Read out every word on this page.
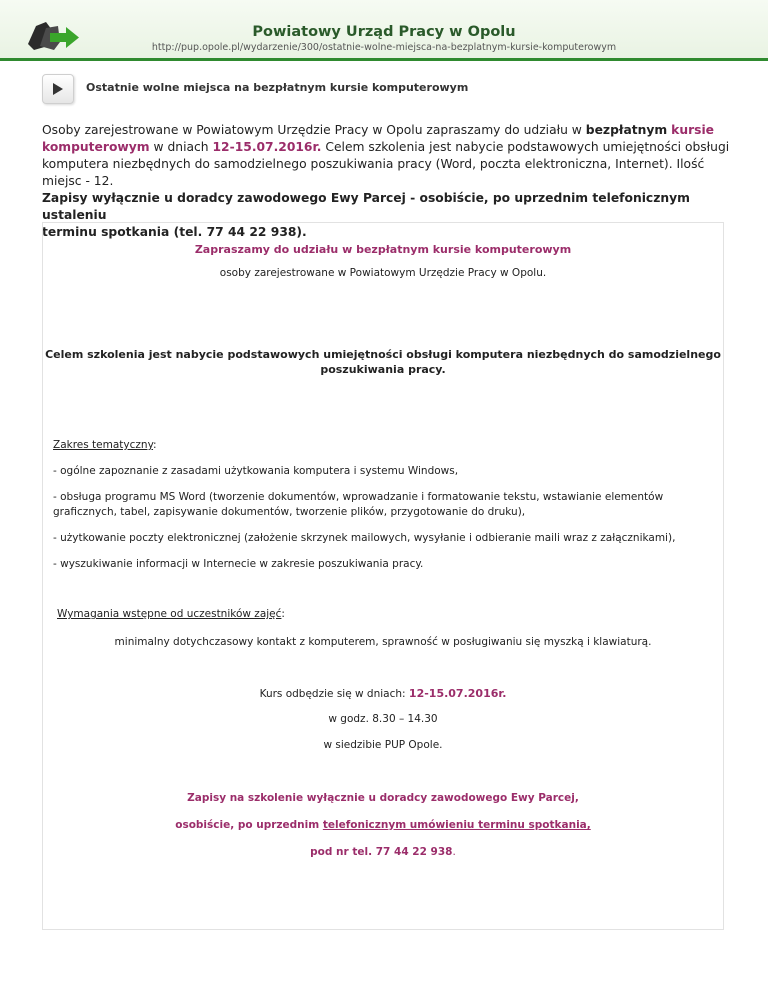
Powiatowy Urząd Pracy w Opolu
http://pup.opole.pl/wydarzenie/300/ostatnie-wolne-miejsca-na-bezplatnym-kursie-komputerowym
Ostatnie wolne miejsca na bezpłatnym kursie komputerowym
Osoby zarejestrowane w Powiatowym Urzędzie Pracy w Opolu zapraszamy do udziału w bezpłatnym kursie
komputerowym w dniach 12-15.07.2016r. Celem szkolenia jest nabycie podstawowych umiejętności obsługi
komputera niezbędnych do samodzielnego poszukiwania pracy (Word, poczta elektroniczna, Internet). Ilość miejsc - 12.
Zapisy wyłącznie u doradcy zawodowego Ewy Parcej - osobiście, po uprzednim telefonicznym ustaleniu
terminu spotkania (tel. 77 44 22 938).
Zapraszamy do udziału w bezpłatnym kursie komputerowym
osoby zarejestrowane w Powiatowym Urzędzie Pracy w Opolu.
Celem szkolenia jest nabycie podstawowych umiejętności obsługi komputera niezbędnych do samodzielnego
poszukiwania pracy.
Zakres tematyczny:
- ogólne zapoznanie z zasadami użytkowania komputera i systemu Windows,
- obsługa programu MS Word (tworzenie dokumentów, wprowadzanie i formatowanie tekstu, wstawianie elementów
graficznych, tabel, zapisywanie dokumentów, tworzenie plików, przygotowanie do druku),
- użytkowanie poczty elektronicznej (założenie skrzynek mailowych, wysyłanie i odbieranie maili wraz z załącznikami),
- wyszukiwanie informacji w Internecie w zakresie poszukiwania pracy.
Wymagania wstępne od uczestników zajęć:
minimalny dotychczasowy kontakt z komputerem, sprawność w posługiwaniu się myszką i klawiaturą.
Kurs odbędzie się w dniach: 12-15.07.2016r.
w godz. 8.30 – 14.30
w siedzibie PUP Opole.
Zapisy na szkolenie wyłącznie u doradcy zawodowego Ewy Parcej,
osobiście, po uprzednim telefonicznym umówieniu terminu spotkania,
pod nr tel. 77 44 22 938.
